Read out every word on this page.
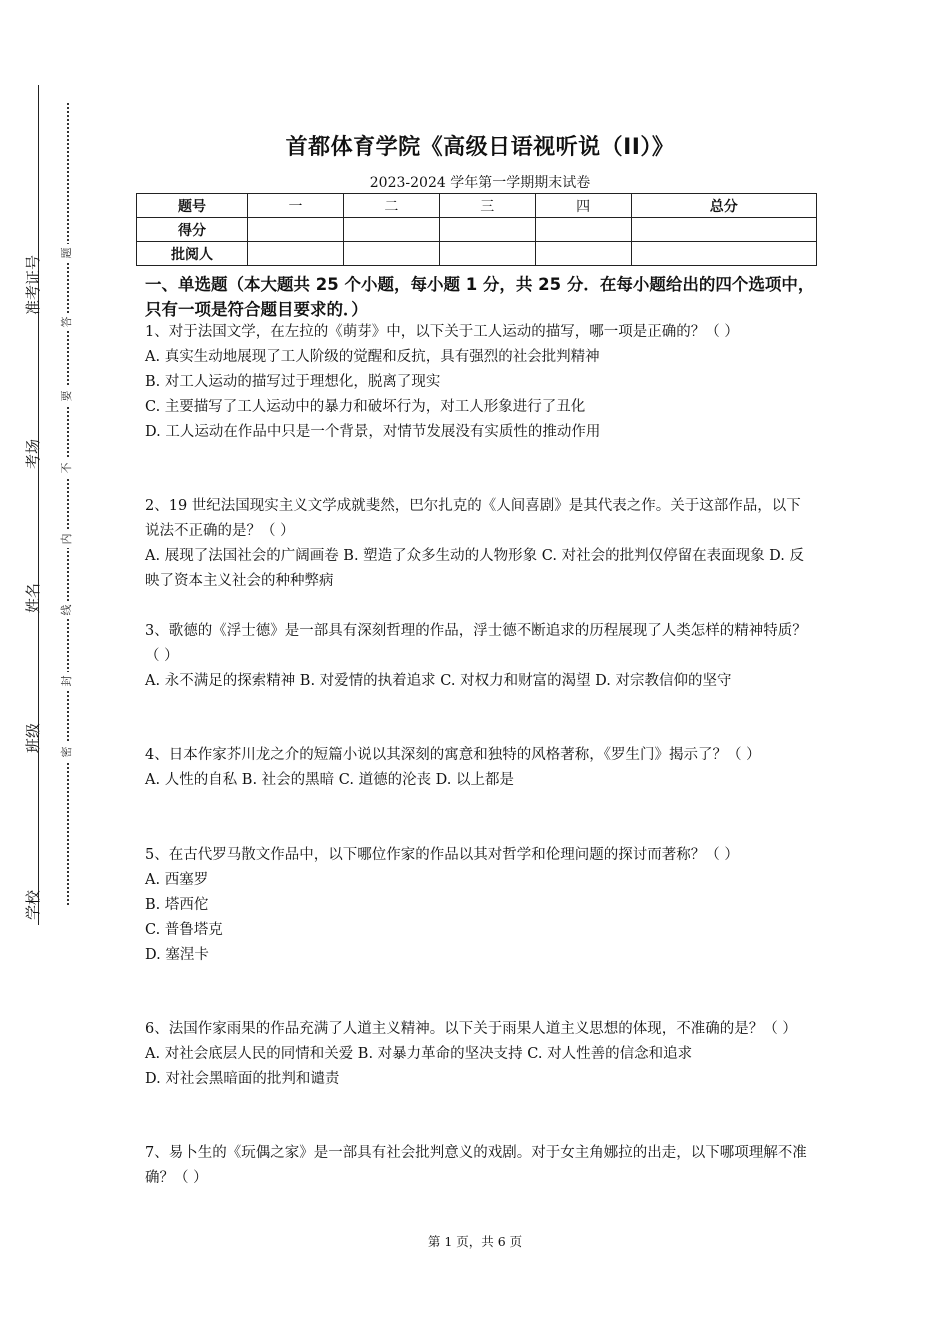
准考证号
考场
姓名
班级
学校
题
答
要
不
内
线
封
密
首都体育学院《高级日语视听说（II）》
2023-2024 学年第一学期期末试卷
题号	一	二	三	四	总分
得分					
批阅人					
一、单选题（本大题共 25 个小题，每小题 1 分，共 25 分．在每小题给出的四个选项中，只有一项是符合题目要求的．）

1、对于法国文学，在左拉的《萌芽》中，以下关于工人运动的描写，哪一项是正确的？（ ）

A. 真实生动地展现了工人阶级的觉醒和反抗，具有强烈的社会批判精神

B. 对工人运动的描写过于理想化，脱离了现实

C. 主要描写了工人运动中的暴力和破坏行为，对工人形象进行了丑化

D. 工人运动在作品中只是一个背景，对情节发展没有实质性的推动作用

2、19 世纪法国现实主义文学成就斐然，巴尔扎克的《人间喜剧》是其代表之作。关于这部作品，以下说法不正确的是？（ ）

A. 展现了法国社会的广阔画卷 B. 塑造了众多生动的人物形象 C. 对社会的批判仅停留在表面现象 D. 反映了资本主义社会的种种弊病

3、歌德的《浮士德》是一部具有深刻哲理的作品，浮士德不断追求的历程展现了人类怎样的精神特质？（ ）

A. 永不满足的探索精神 B. 对爱情的执着追求 C. 对权力和财富的渴望 D. 对宗教信仰的坚守

4、日本作家芥川龙之介的短篇小说以其深刻的寓意和独特的风格著称，《罗生门》揭示了？（ ）

A. 人性的自私 B. 社会的黑暗 C. 道德的沦丧 D. 以上都是

5、在古代罗马散文作品中，以下哪位作家的作品以其对哲学和伦理问题的探讨而著称？（ ）

A. 西塞罗

B. 塔西佗

C. 普鲁塔克

D. 塞涅卡

6、法国作家雨果的作品充满了人道主义精神。以下关于雨果人道主义思想的体现，不准确的是？（ ）

A. 对社会底层人民的同情和关爱 B. 对暴力革命的坚决支持 C. 对人性善的信念和追求

D. 对社会黑暗面的批判和谴责

7、易卜生的《玩偶之家》是一部具有社会批判意义的戏剧。对于女主角娜拉的出走，以下哪项理解不准确？（ ）

第 1 页，共 6 页
